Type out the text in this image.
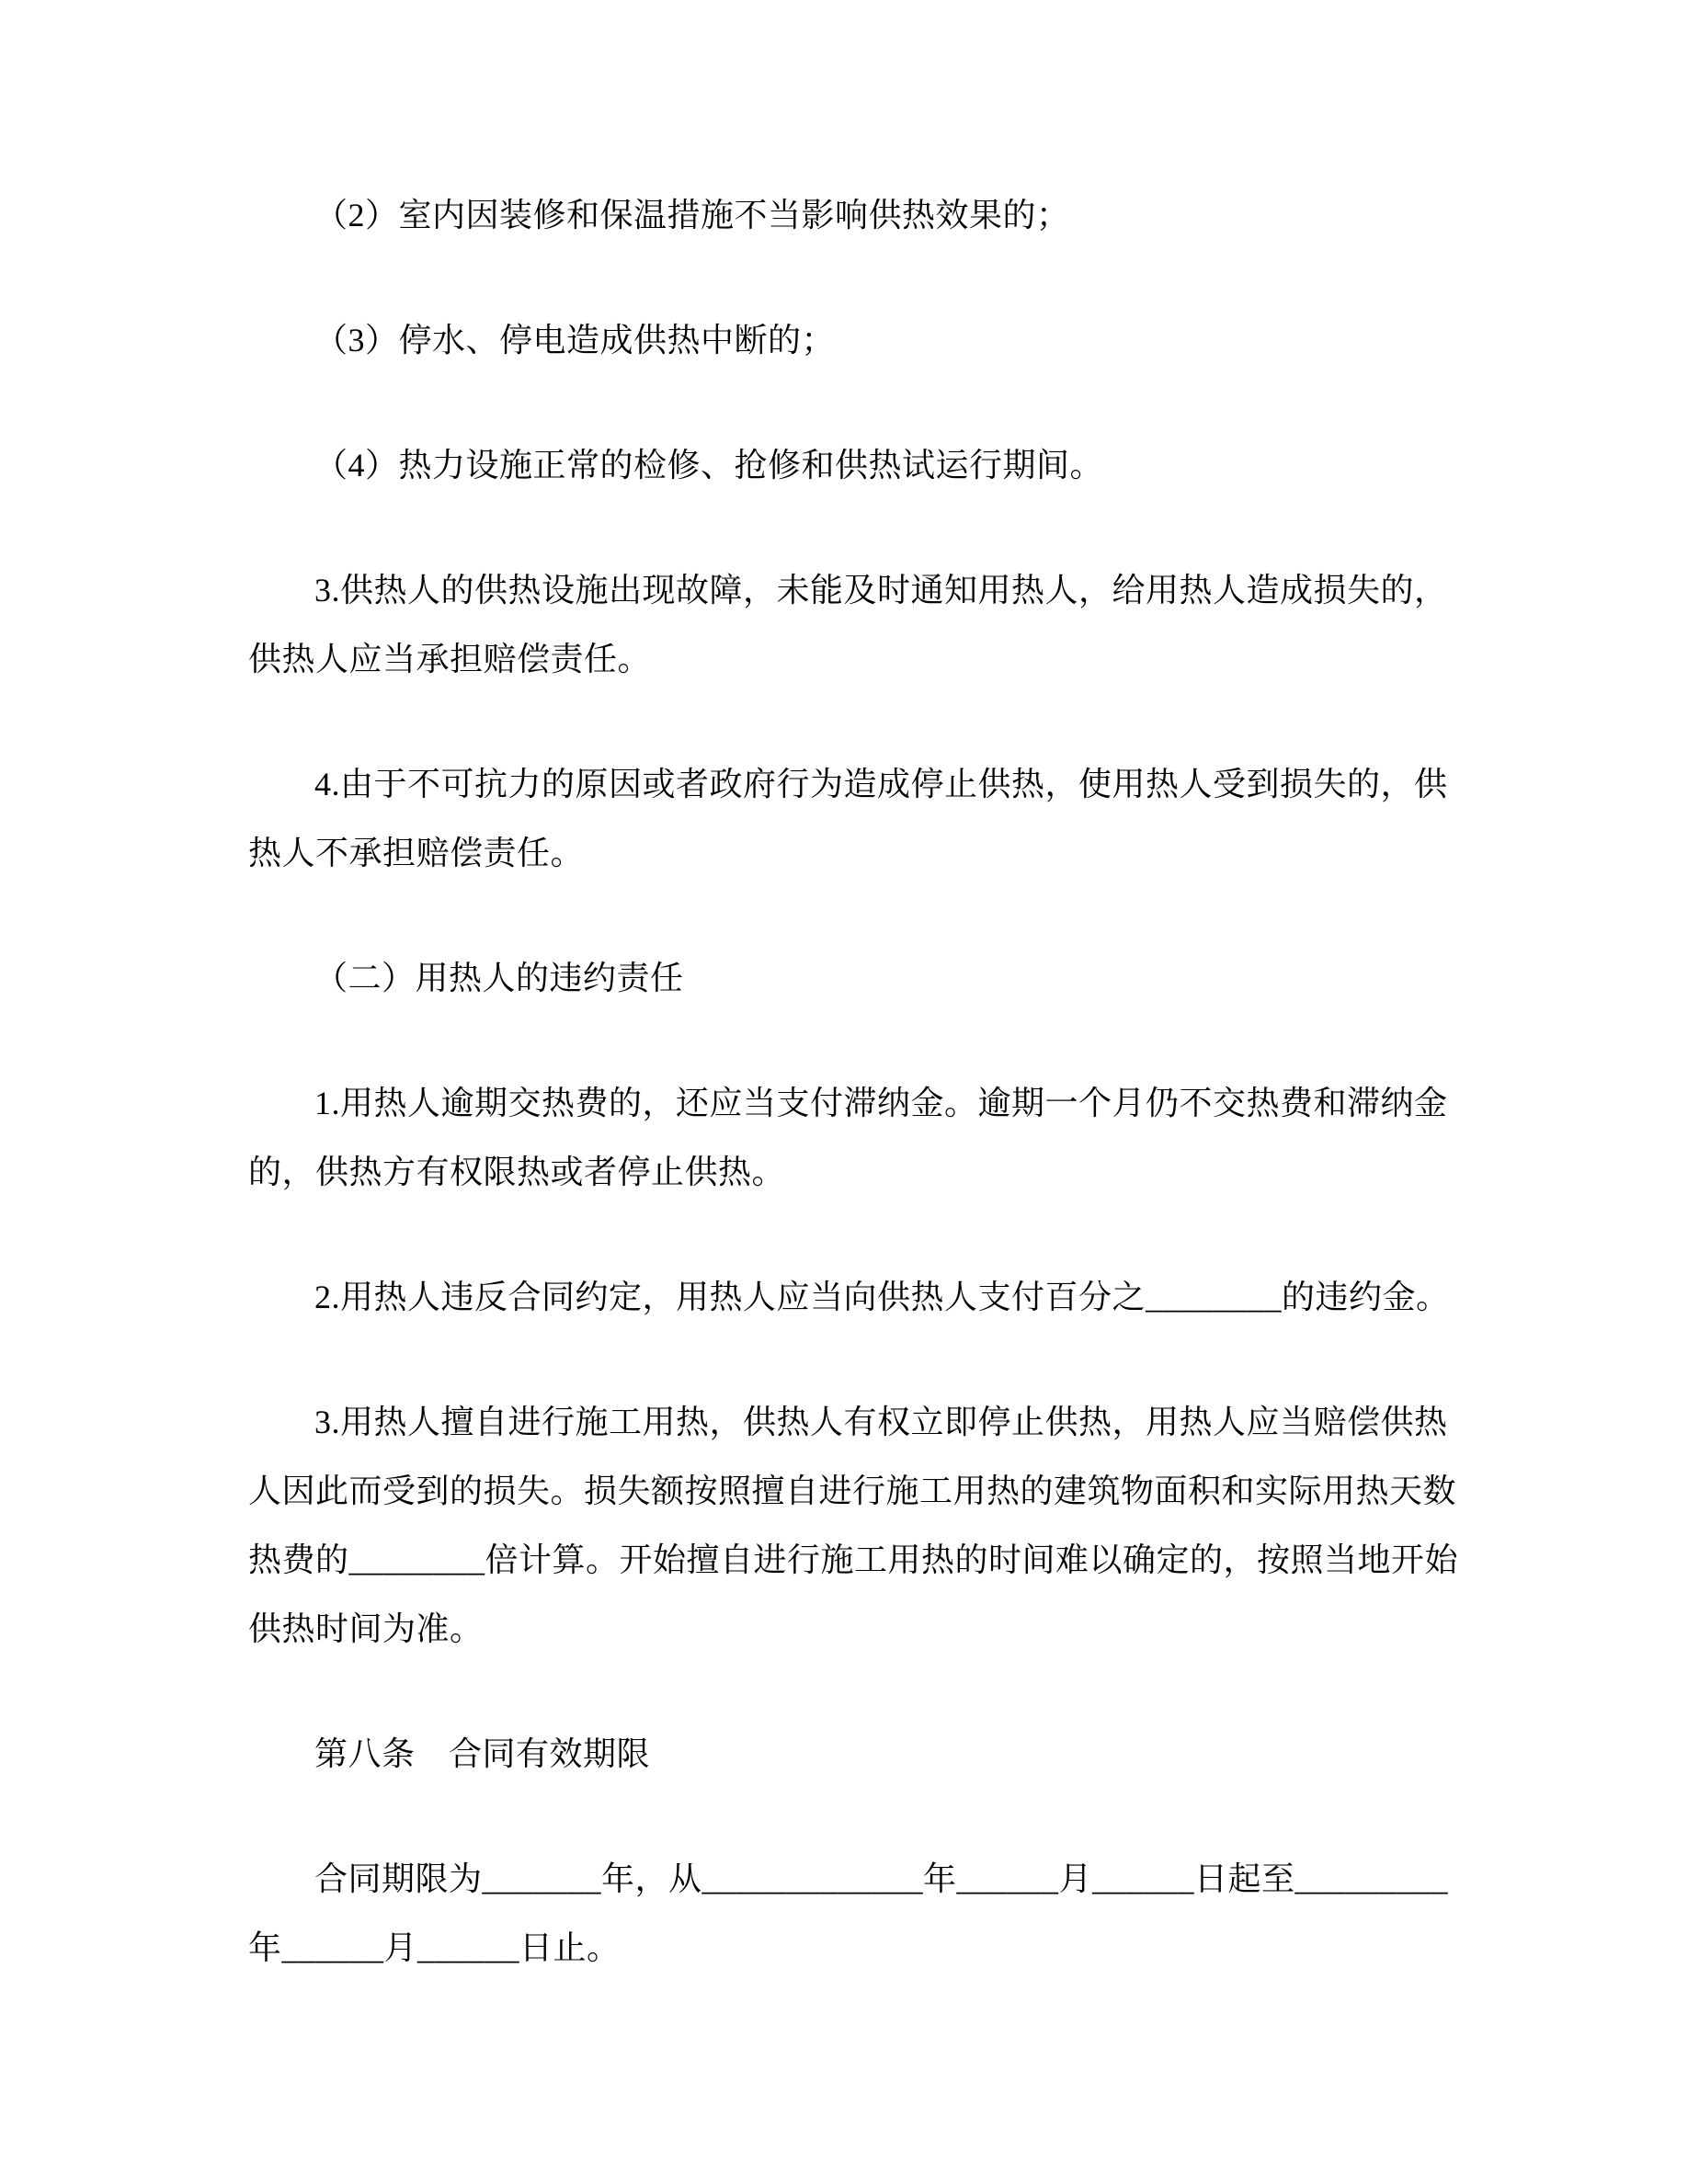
（2）室内因装修和保温措施不当影响供热效果的；

（3）停水、停电造成供热中断的；

（4）热力设施正常的检修、抢修和供热试运行期间。

3.供热人的供热设施出现故障，未能及时通知用热人，给用热人造成损失的，
供热人应当承担赔偿责任。

4.由于不可抗力的原因或者政府行为造成停止供热，使用热人受到损失的，供
热人不承担赔偿责任。

（二）用热人的违约责任

1.用热人逾期交热费的，还应当支付滞纳金。逾期一个月仍不交热费和滞纳金
的，供热方有权限热或者停止供热。

2.用热人违反合同约定，用热人应当向供热人支付百分之________的违约金。

3.用热人擅自进行施工用热，供热人有权立即停止供热，用热人应当赔偿供热
人因此而受到的损失。损失额按照擅自进行施工用热的建筑物面积和实际用热天数
热费的________倍计算。开始擅自进行施工用热的时间难以确定的，按照当地开始
供热时间为准。

第八条　合同有效期限

合同期限为_______年，从_____________年______月______日起至_________
年______月______日止。
